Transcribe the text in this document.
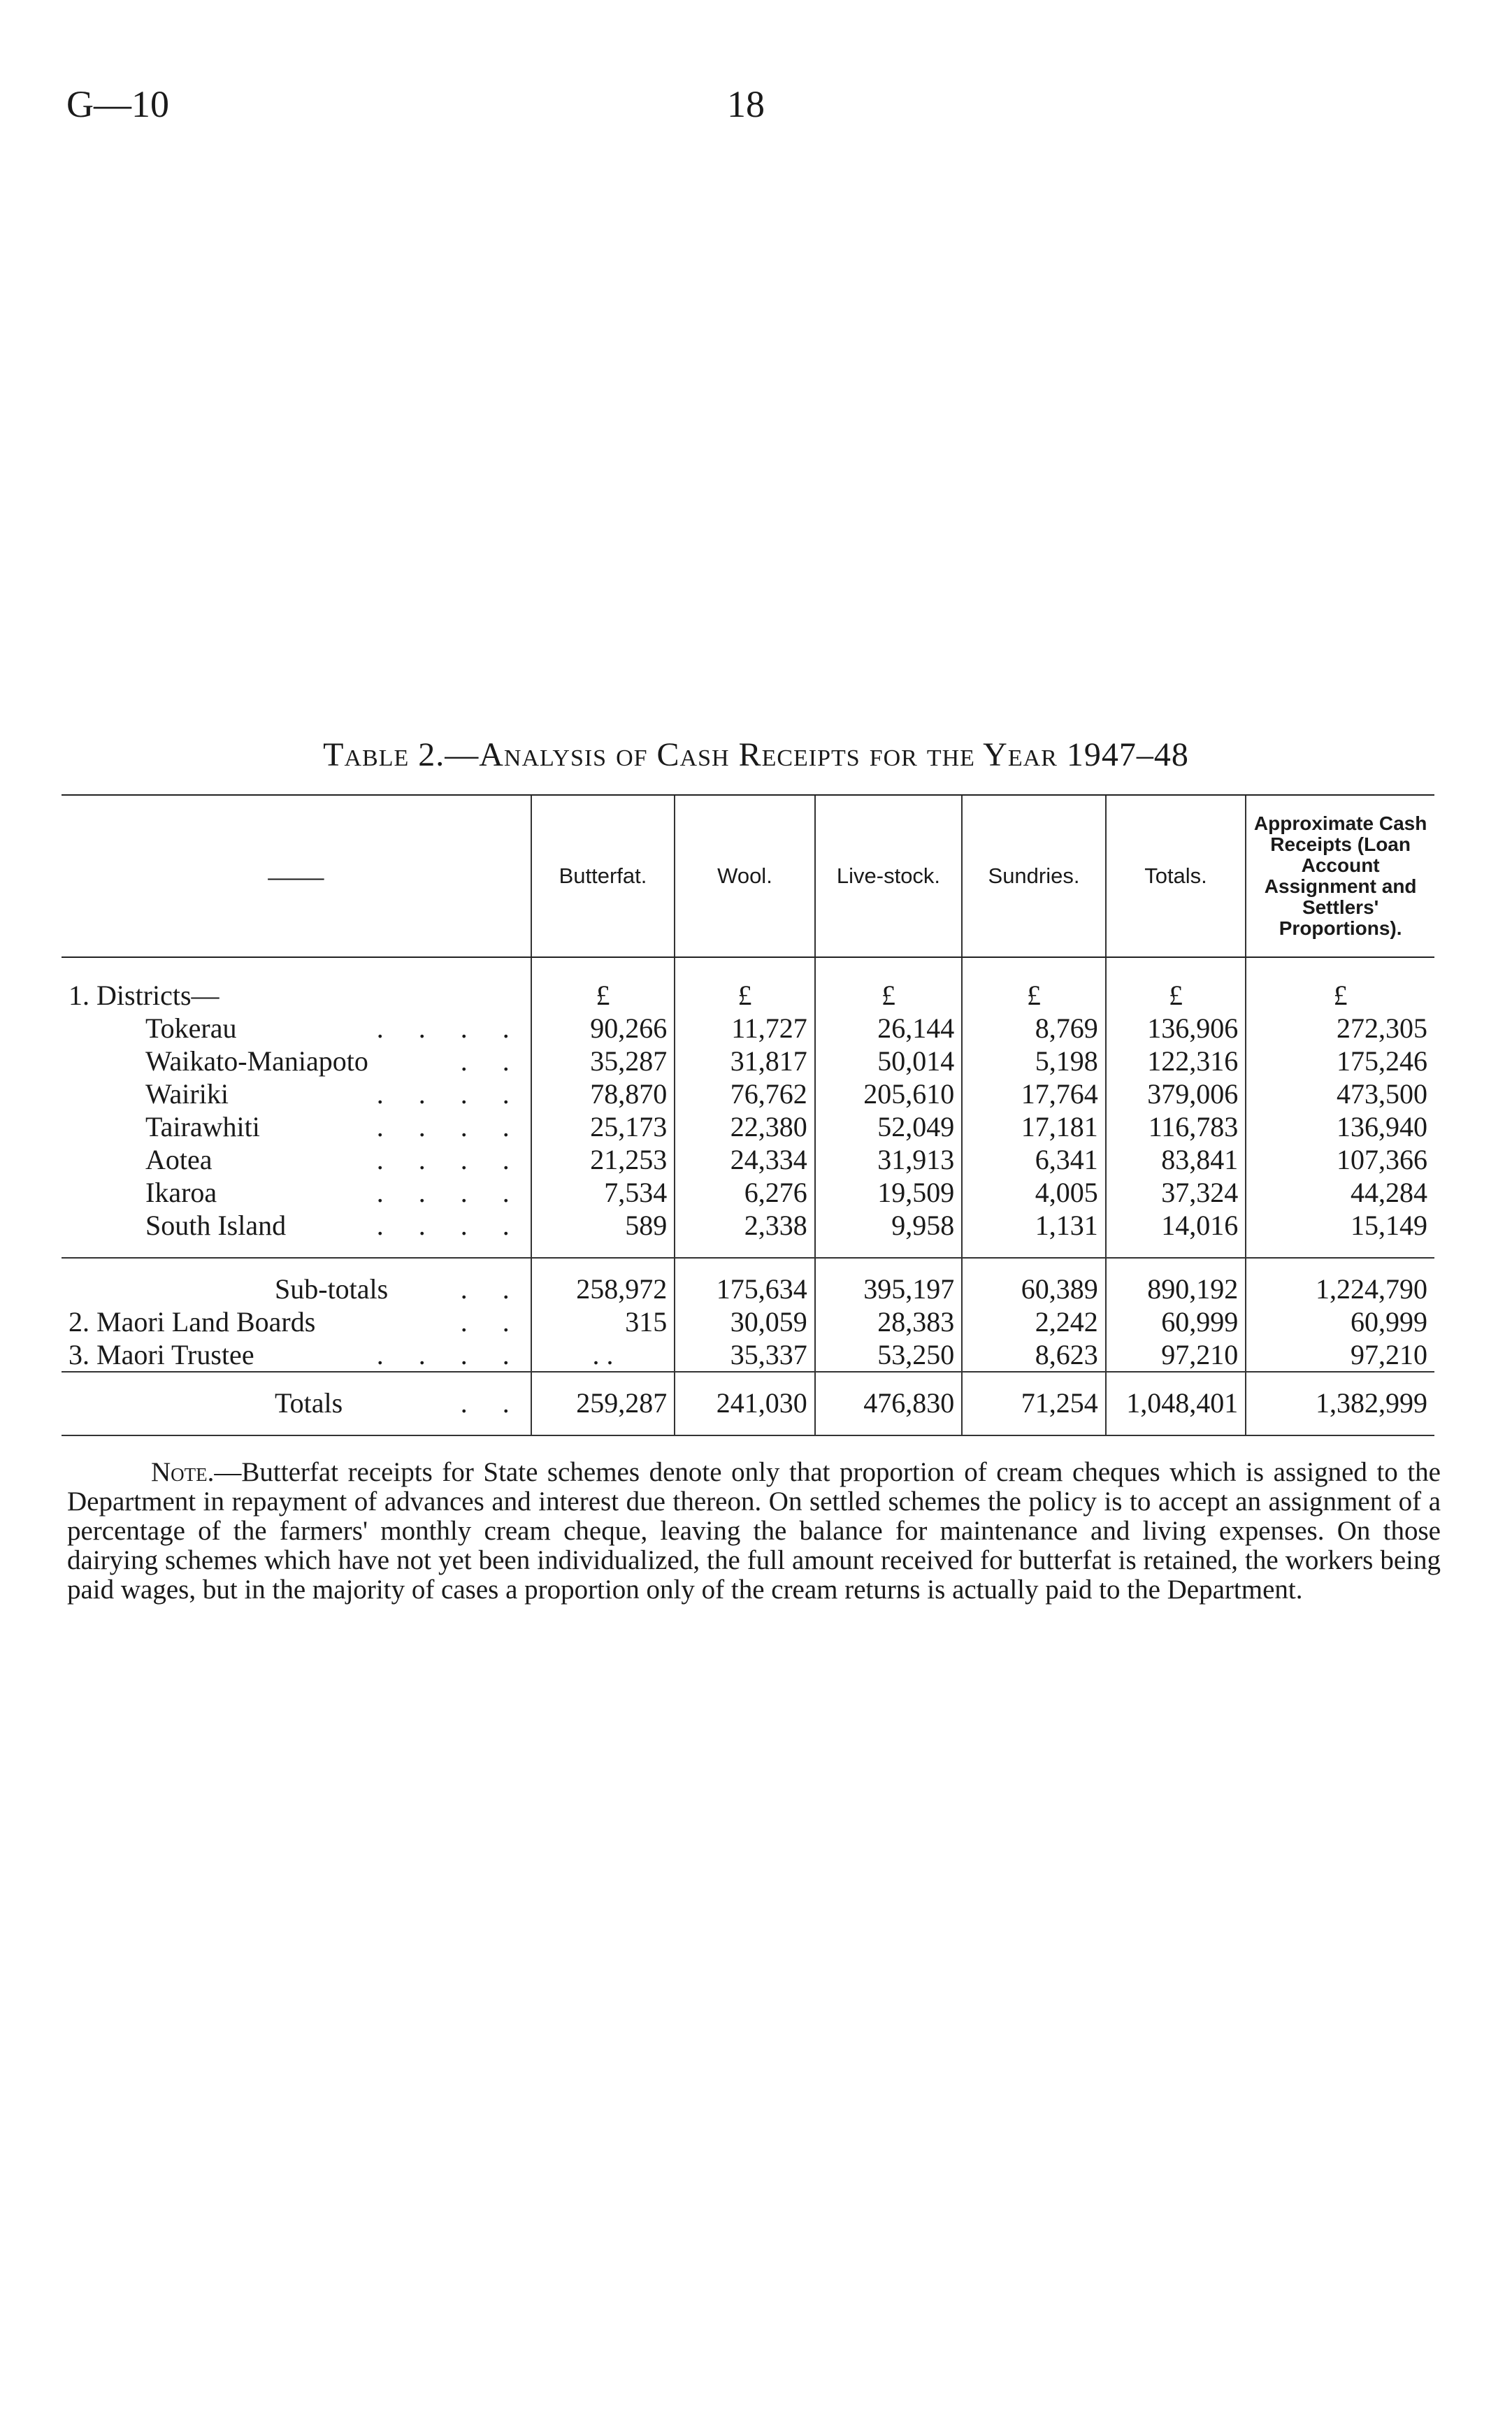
G—10	18
Table 2.—Analysis of Cash Receipts for the Year 1947–48
——	Butterfat.	Wool.	Live-stock.	Sundries.	Totals.	Approximate Cash Receipts (Loan Account Assignment and Settlers' Proportions).
1. Districts—	£	£	£	£	£	£
Tokerau . . . .	90,266	11,727	26,144	8,769	136,906	272,305
Waikato-Maniapoto . .	35,287	31,817	50,014	5,198	122,316	175,246
Wairiki . . . .	78,870	76,762	205,610	17,764	379,006	473,500
Tairawhiti . . . .	25,173	22,380	52,049	17,181	116,783	136,940
Aotea . . . .	21,253	24,334	31,913	6,341	83,841	107,366
Ikaroa . . . .	7,534	6,276	19,509	4,005	37,324	44,284
South Island . . . .	589	2,338	9,958	1,131	14,016	15,149

Sub-totals . .	258,972	175,634	395,197	60,389	890,192	1,224,790
2. Maori Land Boards . .	315	30,059	28,383	2,242	60,999	60,999
3. Maori Trustee . . . .	. .	35,337	53,250	8,623	97,210	97,210
Totals . .	259,287	241,030	476,830	71,254	1,048,401	1,382,999
Note.—Butterfat receipts for State schemes denote only that proportion of cream cheques which is assigned to the Department in repayment of advances and interest due thereon. On settled schemes the policy is to accept an assignment of a percentage of the farmers' monthly cream cheque, leaving the balance for maintenance and living expenses. On those dairying schemes which have not yet been individualized, the full amount received for butterfat is retained, the workers being paid wages, but in the majority of cases a proportion only of the cream returns is actually paid to the Department.
